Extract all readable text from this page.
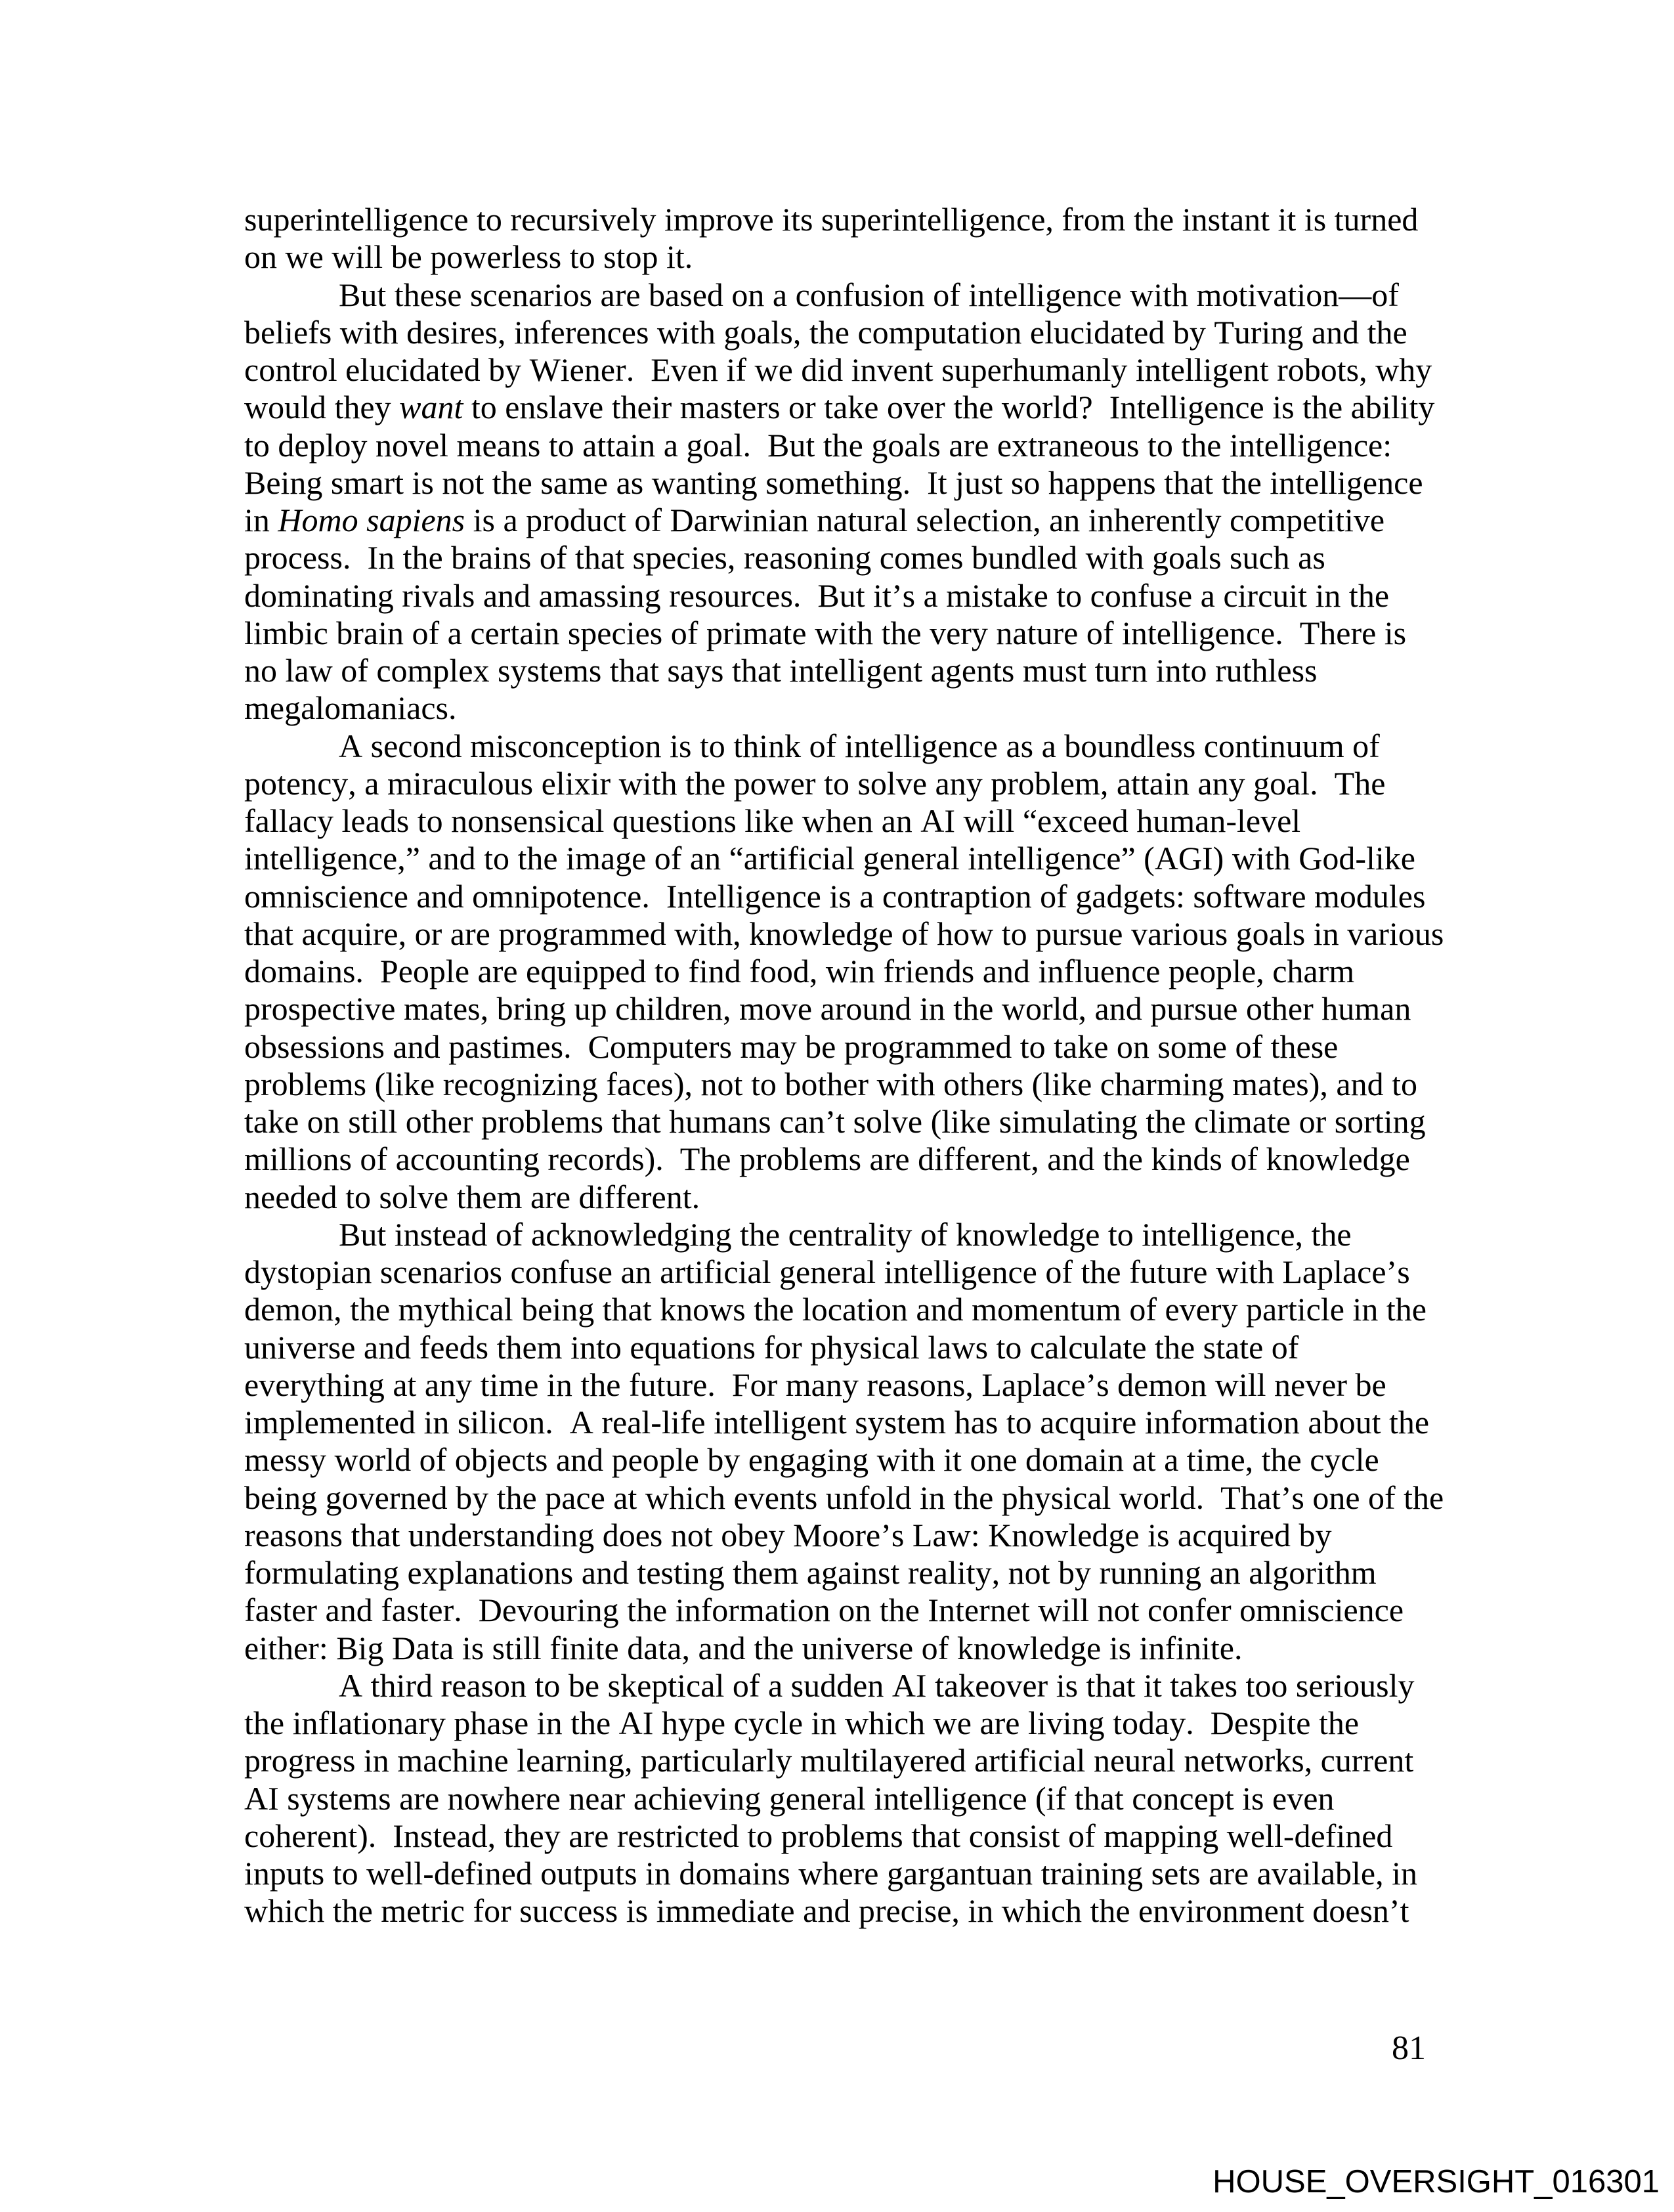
superintelligence to recursively improve its superintelligence, from the instant it is turned on we will be powerless to stop it.

But these scenarios are based on a confusion of intelligence with motivation—of beliefs with desires, inferences with goals, the computation elucidated by Turing and the control elucidated by Wiener.  Even if we did invent superhumanly intelligent robots, why would they want to enslave their masters or take over the world?  Intelligence is the ability to deploy novel means to attain a goal.  But the goals are extraneous to the intelligence: Being smart is not the same as wanting something.  It just so happens that the intelligence in Homo sapiens is a product of Darwinian natural selection, an inherently competitive process.  In the brains of that species, reasoning comes bundled with goals such as dominating rivals and amassing resources.  But it’s a mistake to confuse a circuit in the limbic brain of a certain species of primate with the very nature of intelligence.  There is no law of complex systems that says that intelligent agents must turn into ruthless megalomaniacs.

A second misconception is to think of intelligence as a boundless continuum of potency, a miraculous elixir with the power to solve any problem, attain any goal.  The fallacy leads to nonsensical questions like when an AI will “exceed human-level intelligence,” and to the image of an “artificial general intelligence” (AGI) with God-like omniscience and omnipotence.  Intelligence is a contraption of gadgets: software modules that acquire, or are programmed with, knowledge of how to pursue various goals in various domains.  People are equipped to find food, win friends and influence people, charm prospective mates, bring up children, move around in the world, and pursue other human obsessions and pastimes.  Computers may be programmed to take on some of these problems (like recognizing faces), not to bother with others (like charming mates), and to take on still other problems that humans can’t solve (like simulating the climate or sorting millions of accounting records).  The problems are different, and the kinds of knowledge needed to solve them are different.

But instead of acknowledging the centrality of knowledge to intelligence, the dystopian scenarios confuse an artificial general intelligence of the future with Laplace’s demon, the mythical being that knows the location and momentum of every particle in the universe and feeds them into equations for physical laws to calculate the state of everything at any time in the future.  For many reasons, Laplace’s demon will never be implemented in silicon.  A real-life intelligent system has to acquire information about the messy world of objects and people by engaging with it one domain at a time, the cycle being governed by the pace at which events unfold in the physical world.  That’s one of the reasons that understanding does not obey Moore’s Law: Knowledge is acquired by formulating explanations and testing them against reality, not by running an algorithm faster and faster.  Devouring the information on the Internet will not confer omniscience either: Big Data is still finite data, and the universe of knowledge is infinite.

A third reason to be skeptical of a sudden AI takeover is that it takes too seriously the inflationary phase in the AI hype cycle in which we are living today.  Despite the progress in machine learning, particularly multilayered artificial neural networks, current AI systems are nowhere near achieving general intelligence (if that concept is even coherent).  Instead, they are restricted to problems that consist of mapping well-defined inputs to well-defined outputs in domains where gargantuan training sets are available, in which the metric for success is immediate and precise, in which the environment doesn’t

81
HOUSE_OVERSIGHT_016301
